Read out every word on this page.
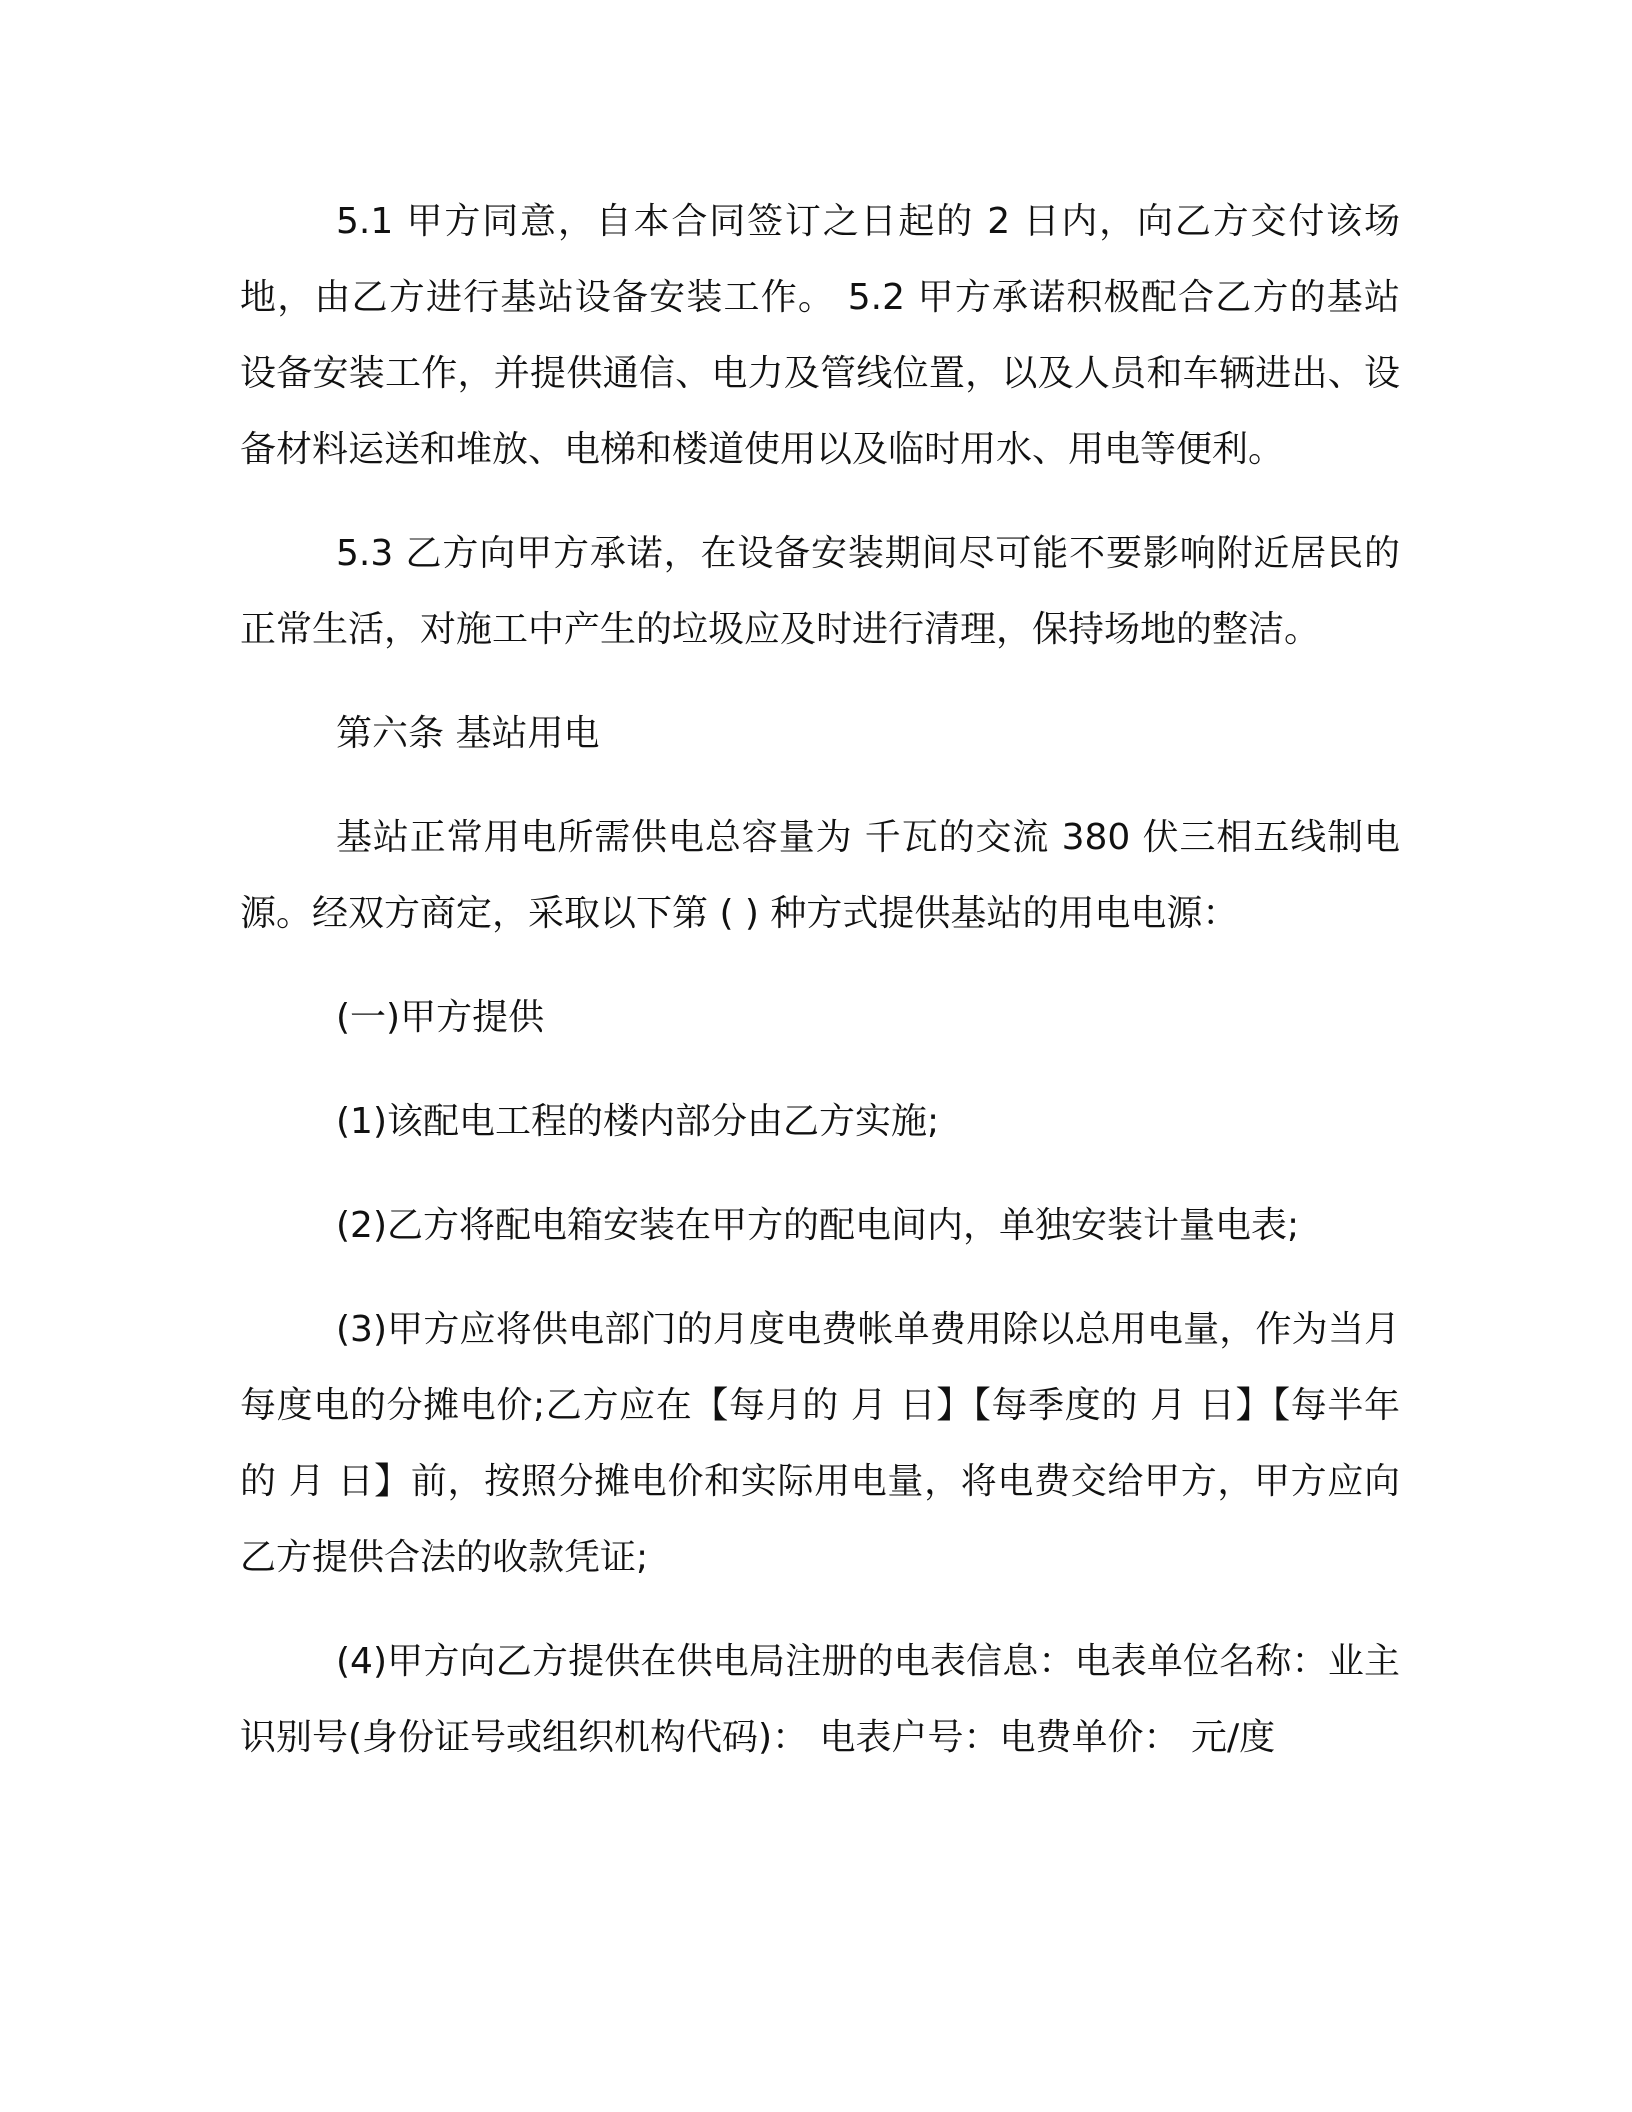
5.1 甲方同意，自本合同签订之日起的 2 日内，向乙方交付该场地，由乙方进行基站设备安装工作。 5.2 甲方承诺积极配合乙方的基站设备安装工作，并提供通信、电力及管线位置，以及人员和车辆进出、设备材料运送和堆放、电梯和楼道使用以及临时用水、用电等便利。

5.3 乙方向甲方承诺，在设备安装期间尽可能不要影响附近居民的正常生活，对施工中产生的垃圾应及时进行清理，保持场地的整洁。

第六条 基站用电

基站正常用电所需供电总容量为 千瓦的交流 380 伏三相五线制电源。经双方商定，采取以下第 ( ) 种方式提供基站的用电电源：

(一)甲方提供

(1)该配电工程的楼内部分由乙方实施;

(2)乙方将配电箱安装在甲方的配电间内，单独安装计量电表;

(3)甲方应将供电部门的月度电费帐单费用除以总用电量，作为当月每度电的分摊电价;乙方应在【每月的 月 日】【每季度的 月 日】【每半年的 月 日】前，按照分摊电价和实际用电量，将电费交给甲方，甲方应向乙方提供合法的收款凭证;

(4)甲方向乙方提供在供电局注册的电表信息：电表单位名称：业主识别号(身份证号或组织机构代码)： 电表户号：电费单价： 元/度
